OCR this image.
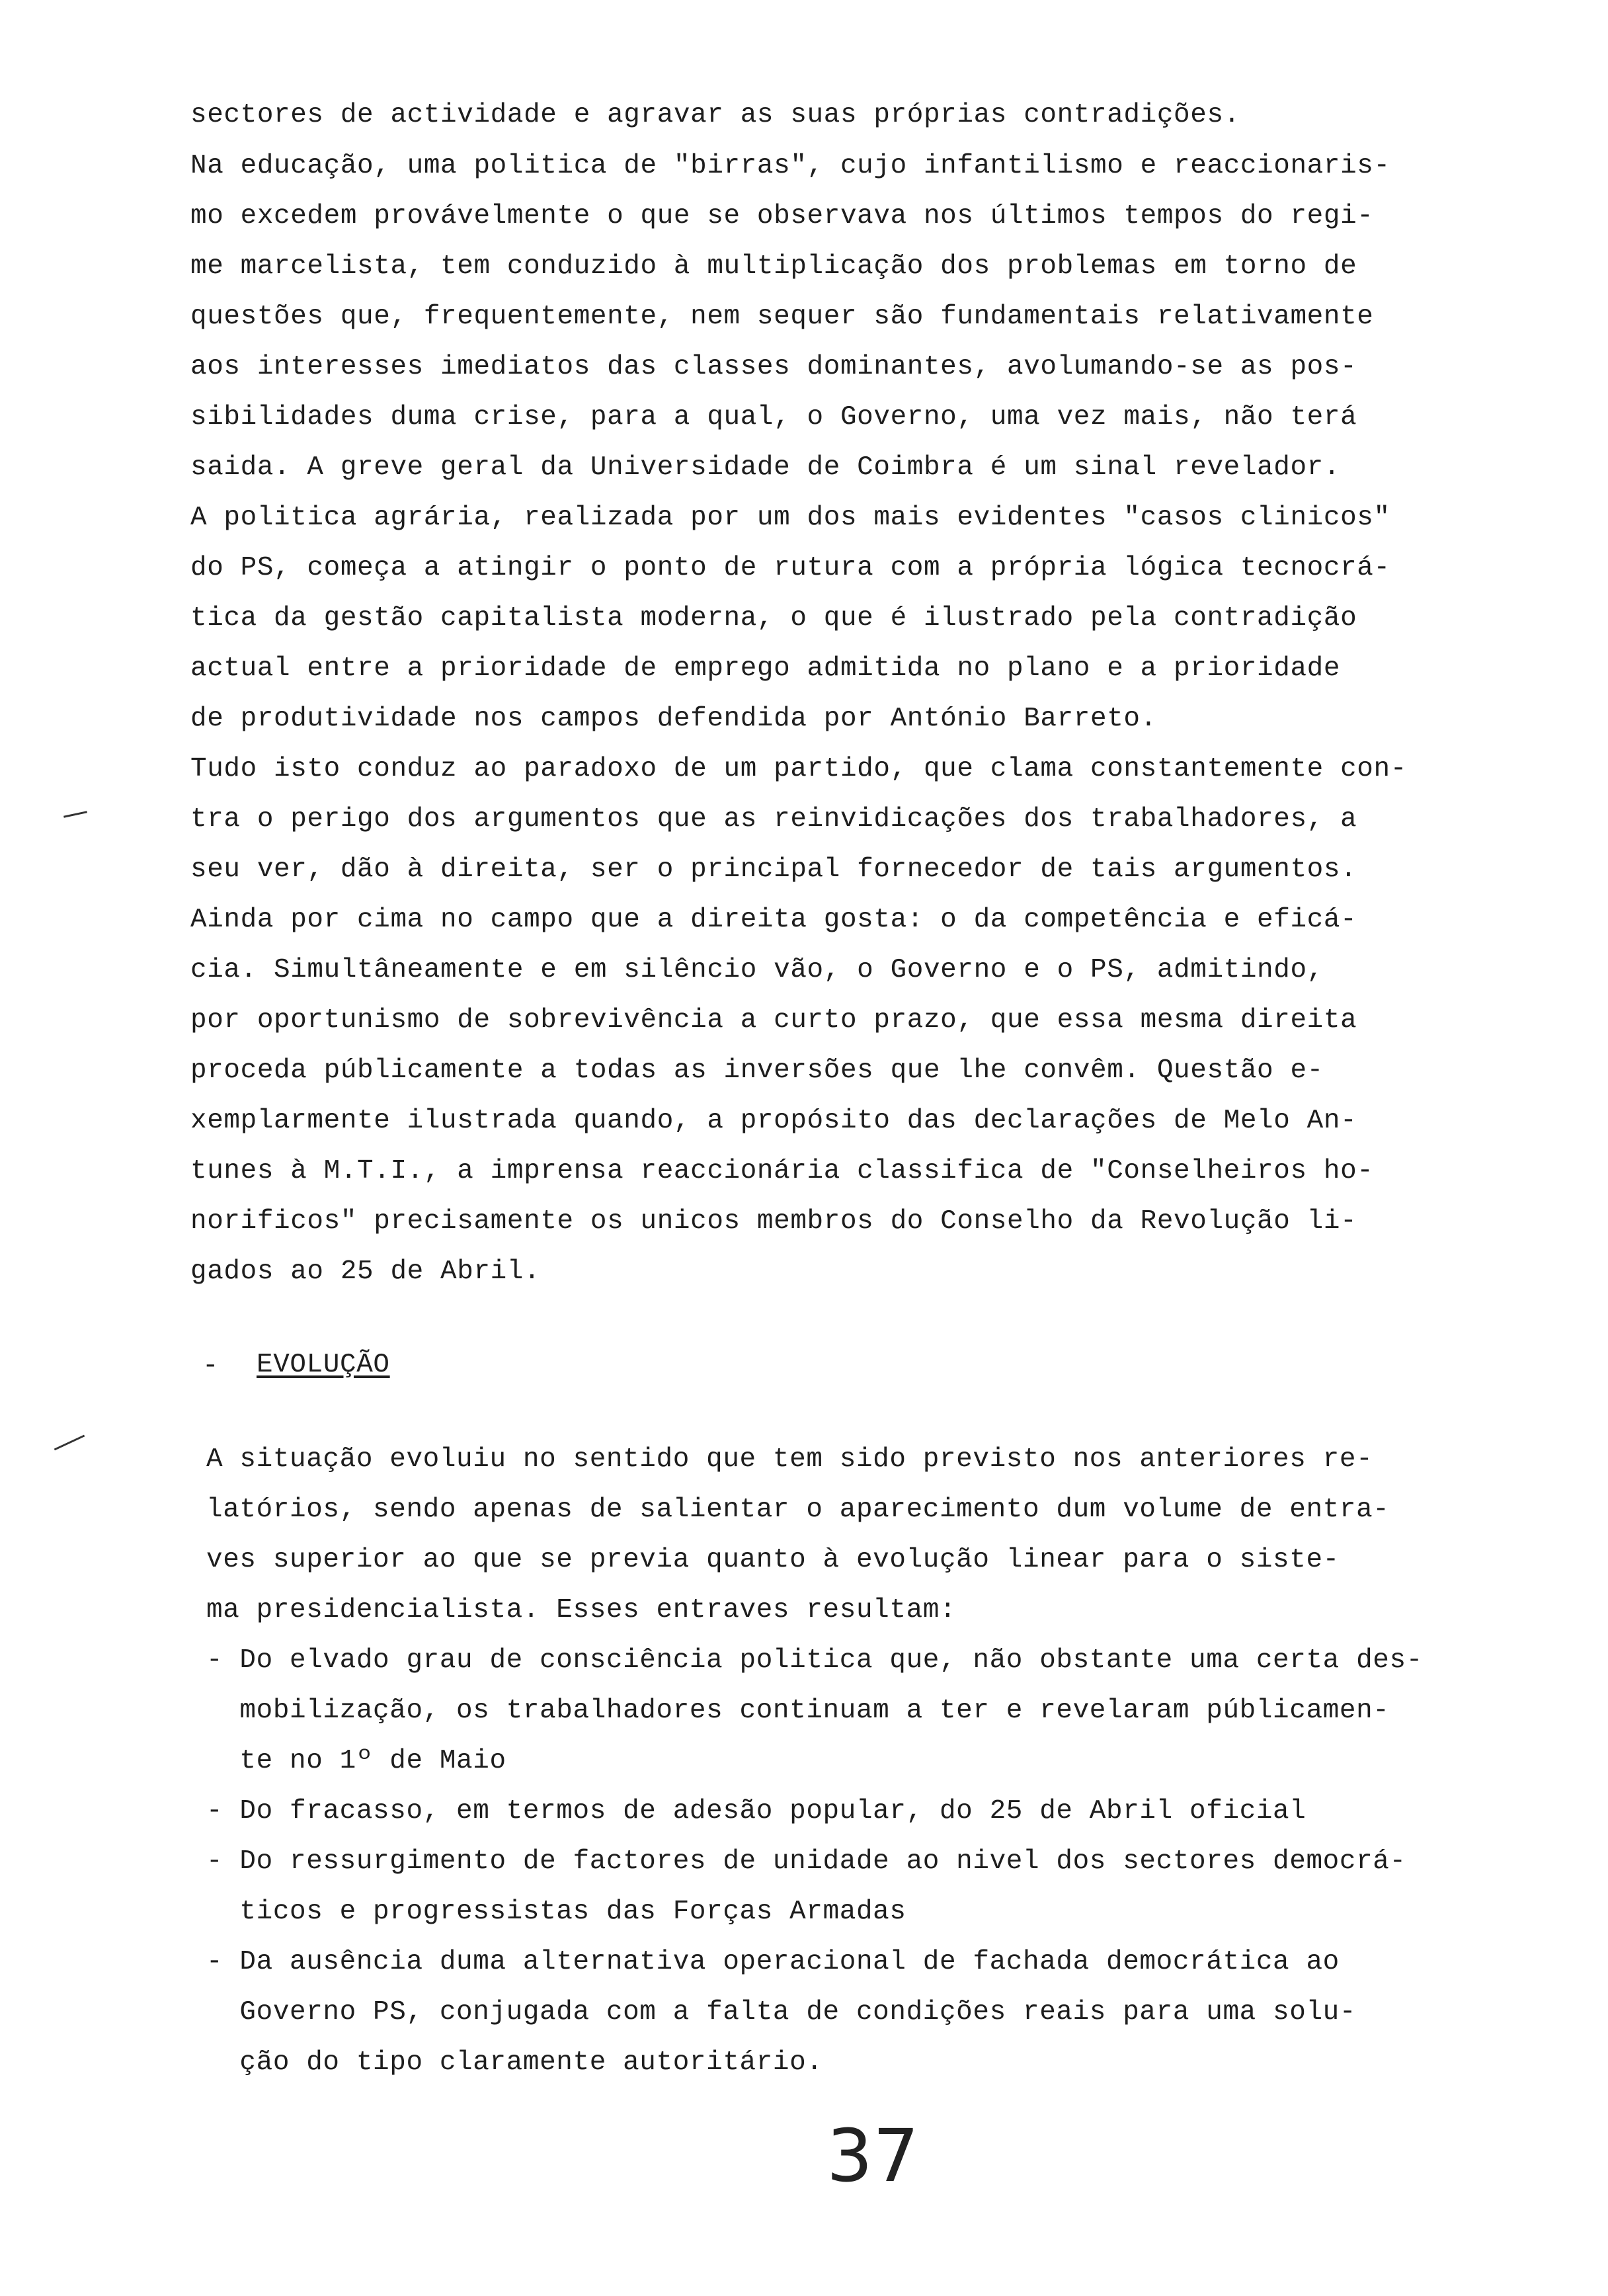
sectores de actividade e agravar as suas próprias contradições.
Na educação, uma politica de "birras", cujo infantilismo e reaccionaris-
mo excedem provávelmente o que se observava nos últimos tempos do regi-
me marcelista, tem conduzido à multiplicação dos problemas em torno de
questões que, frequentemente, nem sequer são fundamentais relativamente
aos interesses imediatos das classes dominantes, avolumando-se as pos-
sibilidades duma crise, para a qual, o Governo, uma vez mais, não terá
saida. A greve geral da Universidade de Coimbra é um sinal revelador.
A politica agrária, realizada por um dos mais evidentes "casos clinicos"
do PS, começa a atingir o ponto de rutura com a própria lógica tecnocrá-
tica da gestão capitalista moderna, o que é ilustrado pela contradição
actual entre a prioridade de emprego admitida no plano e a prioridade
de produtividade nos campos defendida por António Barreto.
Tudo isto conduz ao paradoxo de um partido, que clama constantemente con-
tra o perigo dos argumentos que as reinvidicações dos trabalhadores, a
seu ver, dão à direita, ser o principal fornecedor de tais argumentos.
Ainda por cima no campo que a direita gosta: o da competência e eficá-
cia. Simultâneamente e em silêncio vão, o Governo e o PS, admitindo,
por oportunismo de sobrevivência a curto prazo, que essa mesma direita
proceda públicamente a todas as inversões que lhe convêm. Questão e-
xemplarmente ilustrada quando, a propósito das declarações de Melo An-
tunes à M.T.I., a imprensa reaccionária classifica de "Conselheiros ho-
norificos" precisamente os unicos membros do Conselho da Revolução li-
gados ao 25 de Abril.
- EVOLUÇÃO
A situação evoluiu no sentido que tem sido previsto nos anteriores re-
latórios, sendo apenas de salientar o aparecimento dum volume de entra-
ves superior ao que se previa quanto à evolução linear para o siste-
ma presidencialista. Esses entraves resultam:
- Do elvado grau de consciência politica que, não obstante uma certa des-
mobilização, os trabalhadores continuam a ter e revelaram públicamen-
te no 1º de Maio
- Do fracasso, em termos de adesão popular, do 25 de Abril oficial
- Do ressurgimento de factores de unidade ao nivel dos sectores democrá-
ticos e progressistas das Forças Armadas
- Da ausência duma alternativa operacional de fachada democrática ao
Governo PS, conjugada com a falta de condições reais para uma solu-
ção do tipo claramente autoritário.
37
